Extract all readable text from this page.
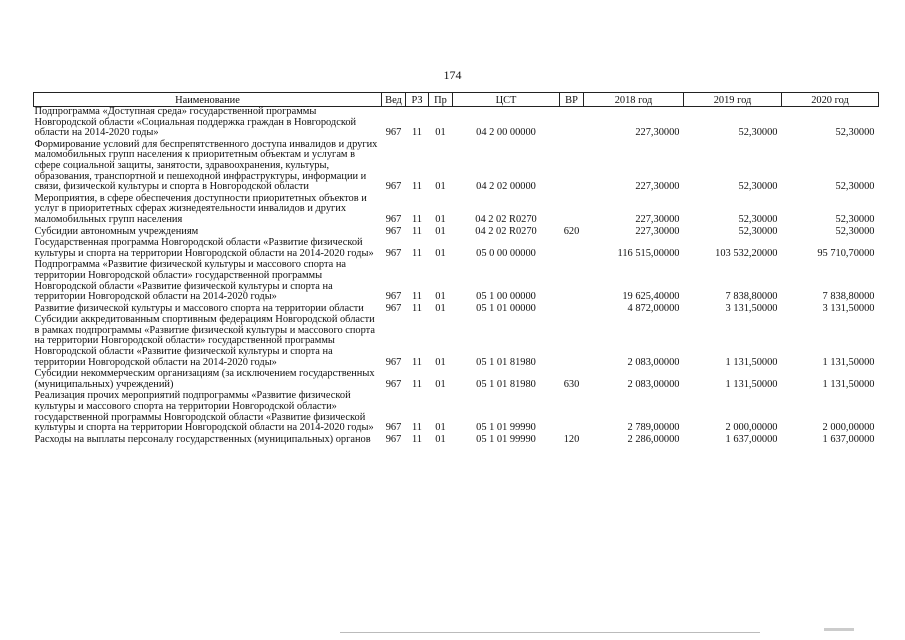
174
Наименование	Вед	РЗ	Пр	ЦСТ	ВР	2018 год	2019 год	2020 год
Подпрограмма «Доступная среда» государственной программы Новгородской области «Социальная поддержка граждан в Новгородской области на 2014-2020 годы»	967	11	01	04 2 00 00000		227,30000	52,30000	52,30000
Формирование условий для беспрепятственного доступа инвалидов и других маломобильных групп населения к приоритетным объектам и услугам в сфере социальной защиты, занятости, здравоохранения, культуры, образования, транспортной и пешеходной инфраструктуры, информации и связи, физической культуры и спорта в Новгородской области	967	11	01	04 2 02 00000		227,30000	52,30000	52,30000
Мероприятия, в сфере обеспечения доступности приоритетных объектов и услуг в приоритетных сферах жизнедеятельности инвалидов и других маломобильных групп населения	967	11	01	04 2 02 R0270		227,30000	52,30000	52,30000
Субсидии автономным учреждениям	967	11	01	04 2 02 R0270	620	227,30000	52,30000	52,30000
Государственная программа Новгородской области «Развитие физической культуры и спорта на территории Новгородской области на 2014-2020 годы»	967	11	01	05 0 00 00000		116 515,00000	103 532,20000	95 710,70000
Подпрограмма «Развитие физической культуры и массового спорта на территории Новгородской области» государственной программы Новгородской области «Развитие физической культуры и спорта на территории Новгородской области на 2014-2020 годы»	967	11	01	05 1 00 00000		19 625,40000	7 838,80000	7 838,80000
Развитие физической культуры и массового спорта на территории области	967	11	01	05 1 01 00000		4 872,00000	3 131,50000	3 131,50000
Субсидии аккредитованным спортивным федерациям Новгородской области в рамках подпрограммы «Развитие физической культуры и массового спорта на территории Новгородской области» государственной программы Новгородской области «Развитие физической культуры и спорта на территории Новгородской области на 2014-2020 годы»	967	11	01	05 1 01 81980		2 083,00000	1 131,50000	1 131,50000
Субсидии некоммерческим организациям (за исключением государственных (муниципальных) учреждений)	967	11	01	05 1 01 81980	630	2 083,00000	1 131,50000	1 131,50000
Реализация прочих мероприятий подпрограммы «Развитие физической культуры и массового спорта на территории Новгородской области» государственной программы Новгородской области «Развитие физической культуры и спорта на территории Новгородской области на 2014-2020 годы»	967	11	01	05 1 01 99990		2 789,00000	2 000,00000	2 000,00000
Расходы на выплаты персоналу государственных (муниципальных) органов	967	11	01	05 1 01 99990	120	2 286,00000	1 637,00000	1 637,00000
